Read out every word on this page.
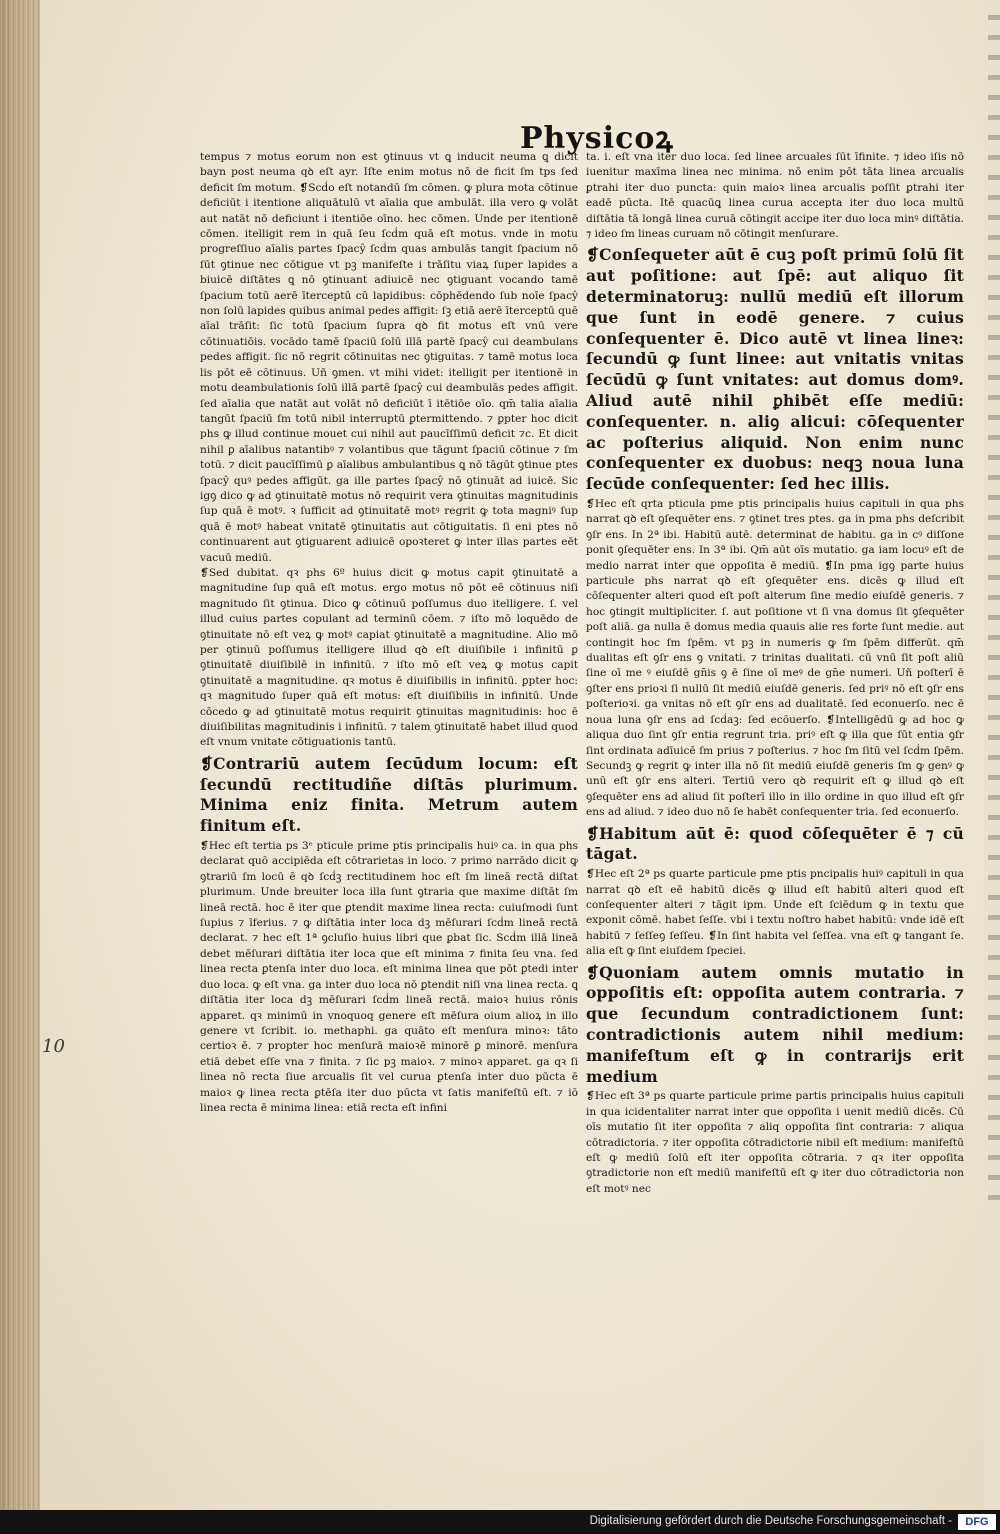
Physicoꝝ
10

tempus ⁊ motus eorum non est ꝯtinuus vt ꝗ inducit neuma ꝗ dicit bayn post neuma qꝺ eſt ayr. Iſte enim motus nō de ficit ſm tps ſed deficit ſm motum. ❡Scḋo eſt notandū ſm cōmen. ꝙ plura mota cōtinue deficiūt i itentione aliquātulū vt aīalia que ambulāt. illa vero ꝙ volāt aut natāt nō deficiunt i itentiōe oīno. hec cōmen. Unde per itentionē cōmen. itelligit rem in quā ſeu ſcḋm quā eſt motus. vnde in motu progreſſiuo aīalis partes ſpacŷ ſcḋm quas ambulās tangit ſpacium nō ſūt ꝯtinue nec cōtigue vt pꝫ manifeſte i trāſitu viaꝝ ſuper lapides a biuicē diſtātes ꝗ nō ꝯtinuant adiuicē nec ꝯtiguant vocando tamē ſpacium totū aerē īterceptū cū lapidibus: cōphēdendo ſub noīe ſpacŷ non ſolū lapides quibus animal pedes affigit: ſꝫ etiā aerē īterceptū quē aīal trāſit: ſic totū ſpacium ſupra qꝺ fit motus eſt vnū vere cōtinuatiōis. vocādo tamē ſpaciū ſolū illā partē ſpacŷ cui deambulans pedes affigit. ſic nō regrit cōtinuitas nec ꝯtiguitas. ⁊ tamē motus loca lis pōt eē cōtinuus. Uñ ꝯmen. vt mihi videt: itelligit per itentionē in motu deambulationis ſolū illā partē ſpacŷ cui deambulās pedes affigit. ſed aīalia que natāt aut volāt nō deficiūt ī itētiōe oīo. qm̄ talia aīalia tangūt ſpaciū ſm totū nibil interruptū ꝑtermittendo. ⁊ ꝑpter hoc dicit phs ꝙ illud continue mouet cui nihil aut paucīſſimū deficit ⁊c. Et dicit nihil ꝑ aīalibus natantibꝰ ⁊ volantibus que tāgunt ſpaciū cōtinue ⁊ ſm totū. ⁊ dicit paucīſſimū ꝑ aīalibus ambulantibus ꝗ nō tāgūt ꝯtinue ptes ſpacŷ quꝰ pedes affigūt. ga ille partes ſpacŷ nō ꝯtinuāt ad iuicē. Sic igꝯ dico ꝙ ad ꝯtinuitatē motus nō requirit vera ꝯtinuitas magnitudinis ſup quā ē motꝰ. ꝛ ſufficit ad ꝯtinuitatē motꝰ regrit ꝙ tota magniꝰ ſup quā ē motꝰ habeat vnitatē ꝯtinuitatis aut cōtiguitatis. ſi eni ptes nō continuarent aut ꝯtiguarent adiuicē opoꝛteret ꝙ inter illas partes eēt vacuū mediū.

❡Sed dubitat. qꝛ phs 6º huius dicit ꝙ motus capit ꝯtinuitatē a magnitudine ſup quā eſt motus. ergo motus nō pōt eē cōtinuus niſi magnitudo ſit ꝯtinua. Dico ꝙ cōtinuū poſſumus duo itelligere. ſ. vel illud cuius partes copulant ad terminū cōem. ⁊ iſto mō loquēdo de ꝯtinuitate nō eſt veꝝ ꝙ motꝰ capiat ꝯtinuitatē a magnitudine. Alio mō per ꝯtinuū poſſumus itelligere illud qꝺ eſt diuiſibile i infinitū ꝑ ꝯtinuitatē diuiſibilē in infinitū. ⁊ iſto mō eſt veꝝ ꝙ motus capit ꝯtinuitatē a magnitudine. qꝛ motus ē diuiſibilis in infinitū. ꝑpter hoc: qꝛ magnitudo ſuper quā eſt motus: eſt diuiſibilis in infinitū. Unde cōcedo ꝙ ad ꝯtinuitatē motus requirit ꝯtinuitas magnitudinis: hoc ē diuiſibilitas magnitudinis i infinitū. ⁊ talem ꝯtinuitatē habet illud quod eſt vnum vnitate cōtiguationis tantū.

❡Contrariū autem ſecūdum locum: eſt ſecundū rectitudiñe diſtās plurimum. Minima eniz finita. Metrum autem finitum eſt.

❡Hec eſt tertia ps 3ᵉ pticule prime ptis principalis huiꝰ ca. in qua phs declarat quō accipiēda eſt cōtrarietas in loco. ⁊ primo narrādo dicit ꝙ ꝯtrariū ſm locū ē qꝺ ſcḋꝫ rectitudinem hoc eſt ſm lineā rectā diſtat plurimum. Unde breuiter loca illa ſunt ꝯtraria que maxime diſtāt ſm lineā rectā. hoc ē iter que ꝑtendit maxime linea recta: cuiuſmodi ſunt ſupius ⁊ īferius. ⁊ ꝙ diſtātia inter loca dꝫ mēſurari ſcḋm lineā rectā declarat. ⁊ hec eſt 1ª ꝯcluſio huius libri que ꝑbat ſic. Scḋm illā lineā debet mēſurari diſtātia iter loca que eſt minima ⁊ finita ſeu vna. ſed linea recta ꝑtenſa inter duo loca. eſt minima linea que pōt ꝑtedi inter duo loca. ꝙ eſt vna. ga inter duo loca nō ꝑtendit niſi vna linea recta. ꝗ diſtātia iter loca dꝫ mēſurari ſcḋm lineā rectā. maioꝛ huius rōnis apparet. qꝛ minimū in vnoquoq genere eſt mēſura oium alioꝝ in illo genere vt ſcribit. io. methaphi. ga quāto eſt menſura minoꝛ: tāto certioꝛ ē. ⁊ propter hoc menſurā maioꝛē minorē ꝑ minorē. menſura etiā debet eſſe vna ⁊ finita. ⁊ ſic pꝫ maioꝛ. ⁊ minoꝛ apparet. ga qꝛ ſi linea nō recta ſiue arcualis ſit vel curua ꝑtenſa inter duo pūcta ē maioꝛ ꝙ linea recta ꝑtēſa iter duo pūcta vt ſatis manifeſtū eſt. ⁊ iō linea recta ē minima linea: etiā recta eſt infini

ta. i. eſt vna iter duo loca. ſed linee arcuales ſūt īfinite. ⁊ ideo iſis nō iuenitur maxīma linea nec minima. nō enim pōt tāta linea arcualis ꝑtrahi iter duo puncta: quin maioꝛ linea arcualis poſſit ꝑtrahi iter eadē pūcta. Itē quacūꝗ linea curua accepta iter duo loca multū diſtātia tā longā linea curuā cōtingit accipe iter duo loca minꝰ diſtātia. ⁊ ideo ſm lineas curuam nō cōtingit menſurare.

❡Conſequeter aūt ē cuꝫ poſt primū ſolū ſit aut poſitione: aut ſpē: aut aliquo ſit determinatoruꝫ: nullū mediū eſt illorum que ſunt in eodē genere. ⁊ cuius conſequenter ē. Dico autē vt linea lineꝛ: ſecundū ꝙ ſunt linee: aut vnitatis vnitas ſecūdū ꝙ ſunt vnitates: aut domus domꝰ. Aliud autē nihil ꝑhibēt eſſe mediū: conſequenter. n. aliꝯ alicui: cōſequenter ac poſterius aliquid. Non enim nunc conſequenter ex duobus: neqꝫ noua luna ſecūde conſequenter: ſed hec illis.

❡Hec eſt qrta pticula pme ptis principalis huius capituli in qua phs narrat qꝺ eſt ꝯſequēter ens. ⁊ ꝯtinet tres ptes. ga in pma phs deſcribit ꝯſr ens. In 2ª ibi. Habitū autē. determinat de habitu. ga in cꝰ diſſone ponit ꝯſequēter ens. In 3ª ibi. Qm̄ aūt oīs mutatio. ga iam locuꝰ eſt de medio narrat inter que oppoſita ē mediū. ❡In pma igꝯ parte huius particule phs narrat qꝺ eſt ꝯſequēter ens. dicēs ꝙ illud eſt cōſequenter alteri quod eſt poſt alterum ſine medio eiuſdē generis. ⁊ hoc ꝯtingit multipliciter. ſ. aut poſitione vt ſi vna domus ſit ꝯſequēter poſt aliā. ga nulla ē domus media quauis alie res forte ſunt medie. aut contingit hoc ſm ſpēm. vt pꝫ in numeris ꝙ ſm ſpēm differūt. qm̄ dualitas eſt ꝯſr ens ꝯ vnitati. ⁊ trinitas dualitati. cū vnū ſit poſt aliū ſine oī me ꝰ eiuſdē gn̄is ꝯ ē ſine oī meꝰ de gn̄e numeri. Uñ poſterī ē ꝯſter ens prioꝛi ſi nullū ſit mediū eiuſdē generis. ſed priꝰ nō eſt ꝯſr ens poſterioꝛi. ga vnitas nō eſt ꝯſr ens ad dualitatē. ſed econuerſo. nec ē noua luna ꝯſr ens ad ſcḋaꝫ: ſed ecōuerſo. ❡Intelligēdū ꝙ ad hoc ꝙ aliqua duo ſint ꝯſr entia regrunt tria. priꝰ eſt ꝙ illa que ſūt entia ꝯſr ſint ordinata adīuicē ſm prius ⁊ poſterius. ⁊ hoc ſm ſitū vel ſcḋm ſpēm. Secundꝫ ꝙ regrit ꝙ inter illa nō ſit mediū eiuſdē generis ſm ꝙ genꝰ ꝙ unū eſt ꝯſr ens alteri. Tertiū vero qꝺ requirit eſt ꝙ illud qꝺ eſt ꝯſequēter ens ad aliud ſit poſterī illo in illo ordine in quo illud eſt ꝯſr ens ad aliud. ⁊ ideo duo nō ſe habēt conſequenter tria. ſed econuerſo.

❡Habitum aūt ē: quod cōſequēter ē ⁊ cū tāgat.

❡Hec eſt 2ª ps quarte particule pme ptis pncipalis huiꝰ capituli in qua narrat qꝺ eſt eē habitū dicēs ꝙ illud eſt habitū alteri quod eſt conſequenter alteri ⁊ tāgit ipm. Unde eſt ſciēdum ꝙ in textu que exponit cōmē. habet ſeſſe. vbi i textu noſtro habet habitū: vnde idē eſt habitū ⁊ ſeſſeꝯ ſeſſeu. ❡In ſint habita vel ſeſſea. vna eſt ꝙ tangant ſe. alia eſt ꝙ ſint eiuſdem ſpeciei.

❡Quoniam autem omnis mutatio in oppoſitis eſt: oppoſita autem contraria. ⁊ que ſecundum contradictionem ſunt: contradictionis autem nihil medium: manifeſtum eſt ꝙ in contrarijs erit medium

❡Hec eſt 3ª ps quarte particule prime partis principalis huius capituli in qua icidentaliter narrat inter que oppoſita i uenit mediū dicēs. Cū oīs mutatio ſit iter oppoſita ⁊ aliq oppoſita ſint contraria: ⁊ aliqua cōtradictoria. ⁊ iter oppoſita cōtradictorie nibil eſt medium: manifeſtū eſt ꝙ mediū ſolū eſt iter oppoſita cōtraria. ⁊ qꝛ iter oppoſita ꝯtradictorie non eſt mediū manifeſtū eſt ꝙ iter duo cōtradictoria non eſt motꝰ nec

Digitalisierung gefördert durch die Deutsche Forschungsgemeinschaft -	DFG
